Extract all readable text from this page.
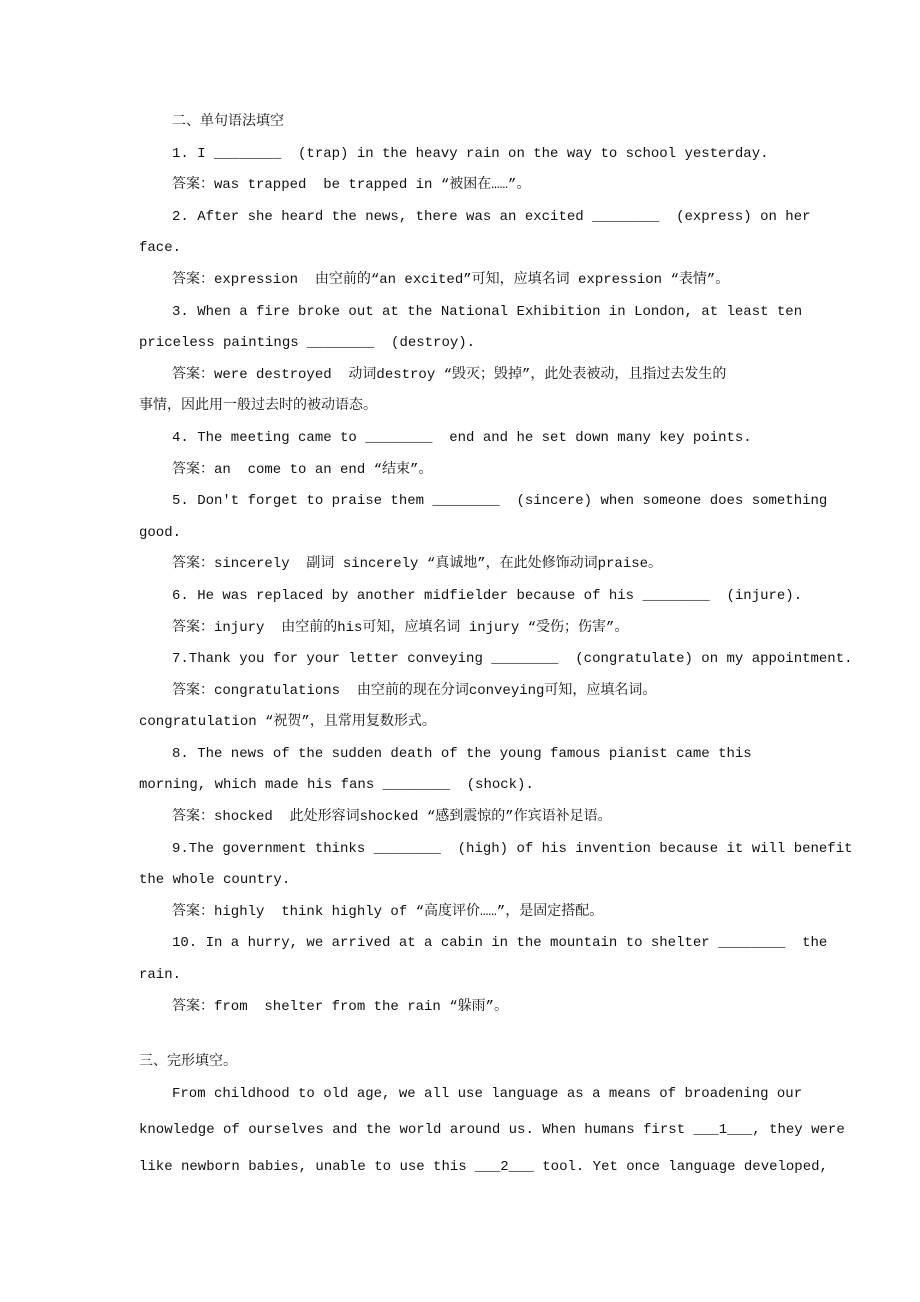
二、单句语法填空
1. I ________  (trap) in the heavy rain on the way to school yesterday.
答案：was trapped  be trapped in “被困在……”。
2. After she heard the news, there was an excited ________  (express) on her
face.
答案：expression  由空前的“an excited”可知，应填名词 expression “表情”。
3. When a fire broke out at the National Exhibition in London, at least ten
priceless paintings ________  (destroy).
答案：were destroyed  动词destroy “毁灭；毁掉”，此处表被动，且指过去发生的
事情，因此用一般过去时的被动语态。
4. The meeting came to ________  end and he set down many key points.
答案：an  come to an end “结束”。
5. Don't forget to praise them ________  (sincere) when someone does something
good.
答案：sincerely  副词 sincerely “真诚地”，在此处修饰动词praise。
6. He was replaced by another midfielder because of his ________  (injure).
答案：injury  由空前的his可知，应填名词 injury “受伤；伤害”。
7.Thank you for your letter conveying ________  (congratulate) on my appointment.
答案：congratulations  由空前的现在分词conveying可知，应填名词。
congratulation “祝贺”，且常用复数形式。
8. The news of the sudden death of the young famous pianist came this
morning, which made his fans ________  (shock).
答案：shocked  此处形容词shocked “感到震惊的”作宾语补足语。
9.The government thinks ________  (high) of his invention because it will benefit
the whole country.
答案：highly  think highly of “高度评价……”，是固定搭配。
10. In a hurry, we arrived at a cabin in the mountain to shelter ________  the
rain.
答案：from  shelter from the rain “躲雨”。
三、完形填空。
From childhood to old age, we all use language as a means of broadening our
knowledge of ourselves and the world around us. When humans first ___1___, they were
like newborn babies, unable to use this ___2___ tool. Yet once language developed,
